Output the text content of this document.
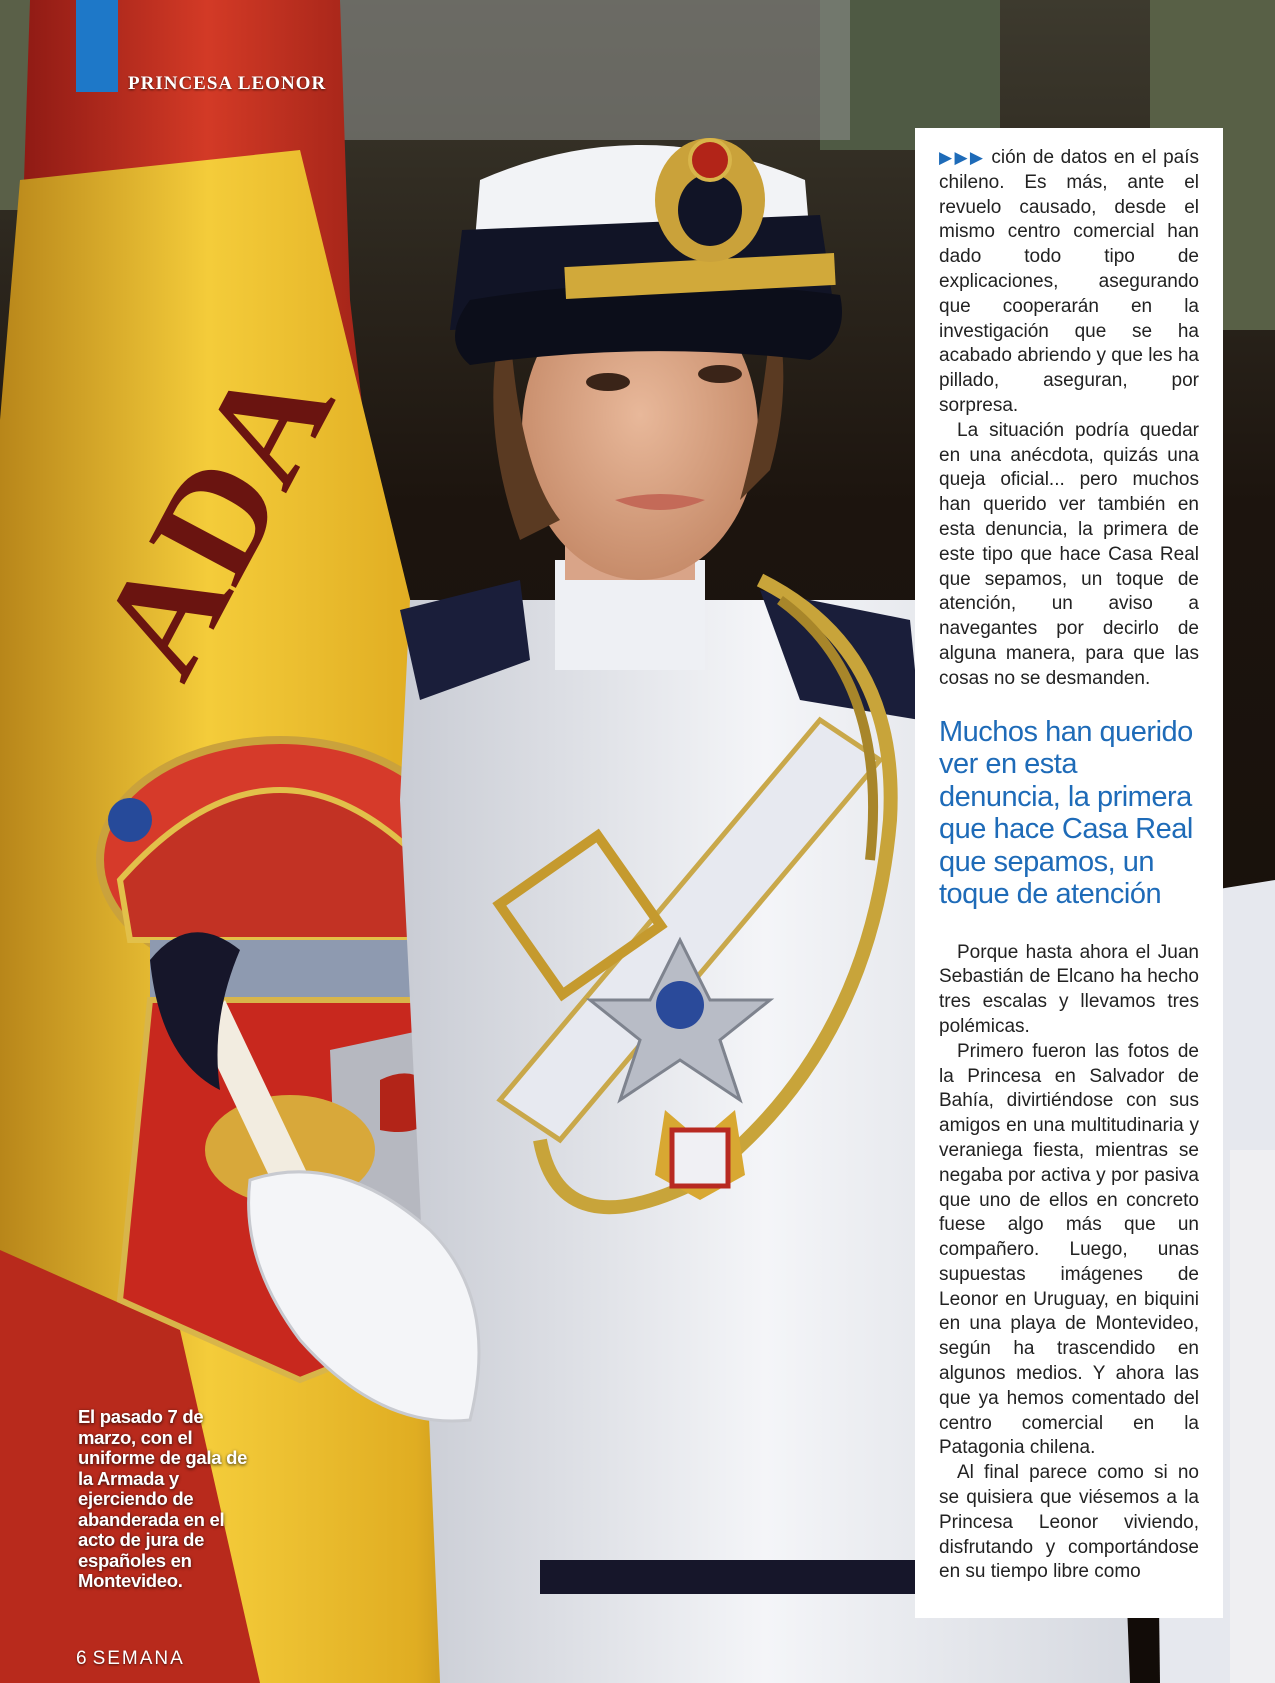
ADA
PRINCESA LEONOR

▶▶▶ ción de datos en el país chileno. Es más, ante el revuelo causado, desde el mismo centro comercial han dado todo tipo de explicaciones, asegurando que cooperarán en la investigación que se ha acabado abriendo y que les ha pillado, aseguran, por sorpresa.

La situación podría quedar en una anécdota, quizás una queja oficial... pero muchos han querido ver también en esta denuncia, la primera de este tipo que hace Casa Real que sepamos, un toque de atención, un aviso a navegantes por decirlo de alguna manera, para que las cosas no se desmanden.

Muchos han querido ver en esta denuncia, la primera que hace Casa Real que sepamos, un toque de atención

Porque hasta ahora el Juan Sebastián de Elcano ha hecho tres escalas y llevamos tres polémicas.

Primero fueron las fotos de la Princesa en Salvador de Bahía, divirtiéndose con sus amigos en una multitudinaria y veraniega fiesta, mientras se negaba por activa y por pasiva que uno de ellos en concreto fuese algo más que un compañero. Luego, unas supuestas imágenes de Leonor en Uruguay, en biquini en una playa de Montevideo, según ha trascendido en algunos medios. Y ahora las que ya hemos comentado del centro comercial en la Patagonia chilena.

Al final parece como si no se quisiera que viésemos a la Princesa Leonor viviendo, disfrutando y comportándose en su tiempo libre como

El pasado 7 de marzo, con el uniforme de gala de la Armada y ejerciendo de abanderada en el acto de jura de españoles en Montevideo.
6 SEMANA
